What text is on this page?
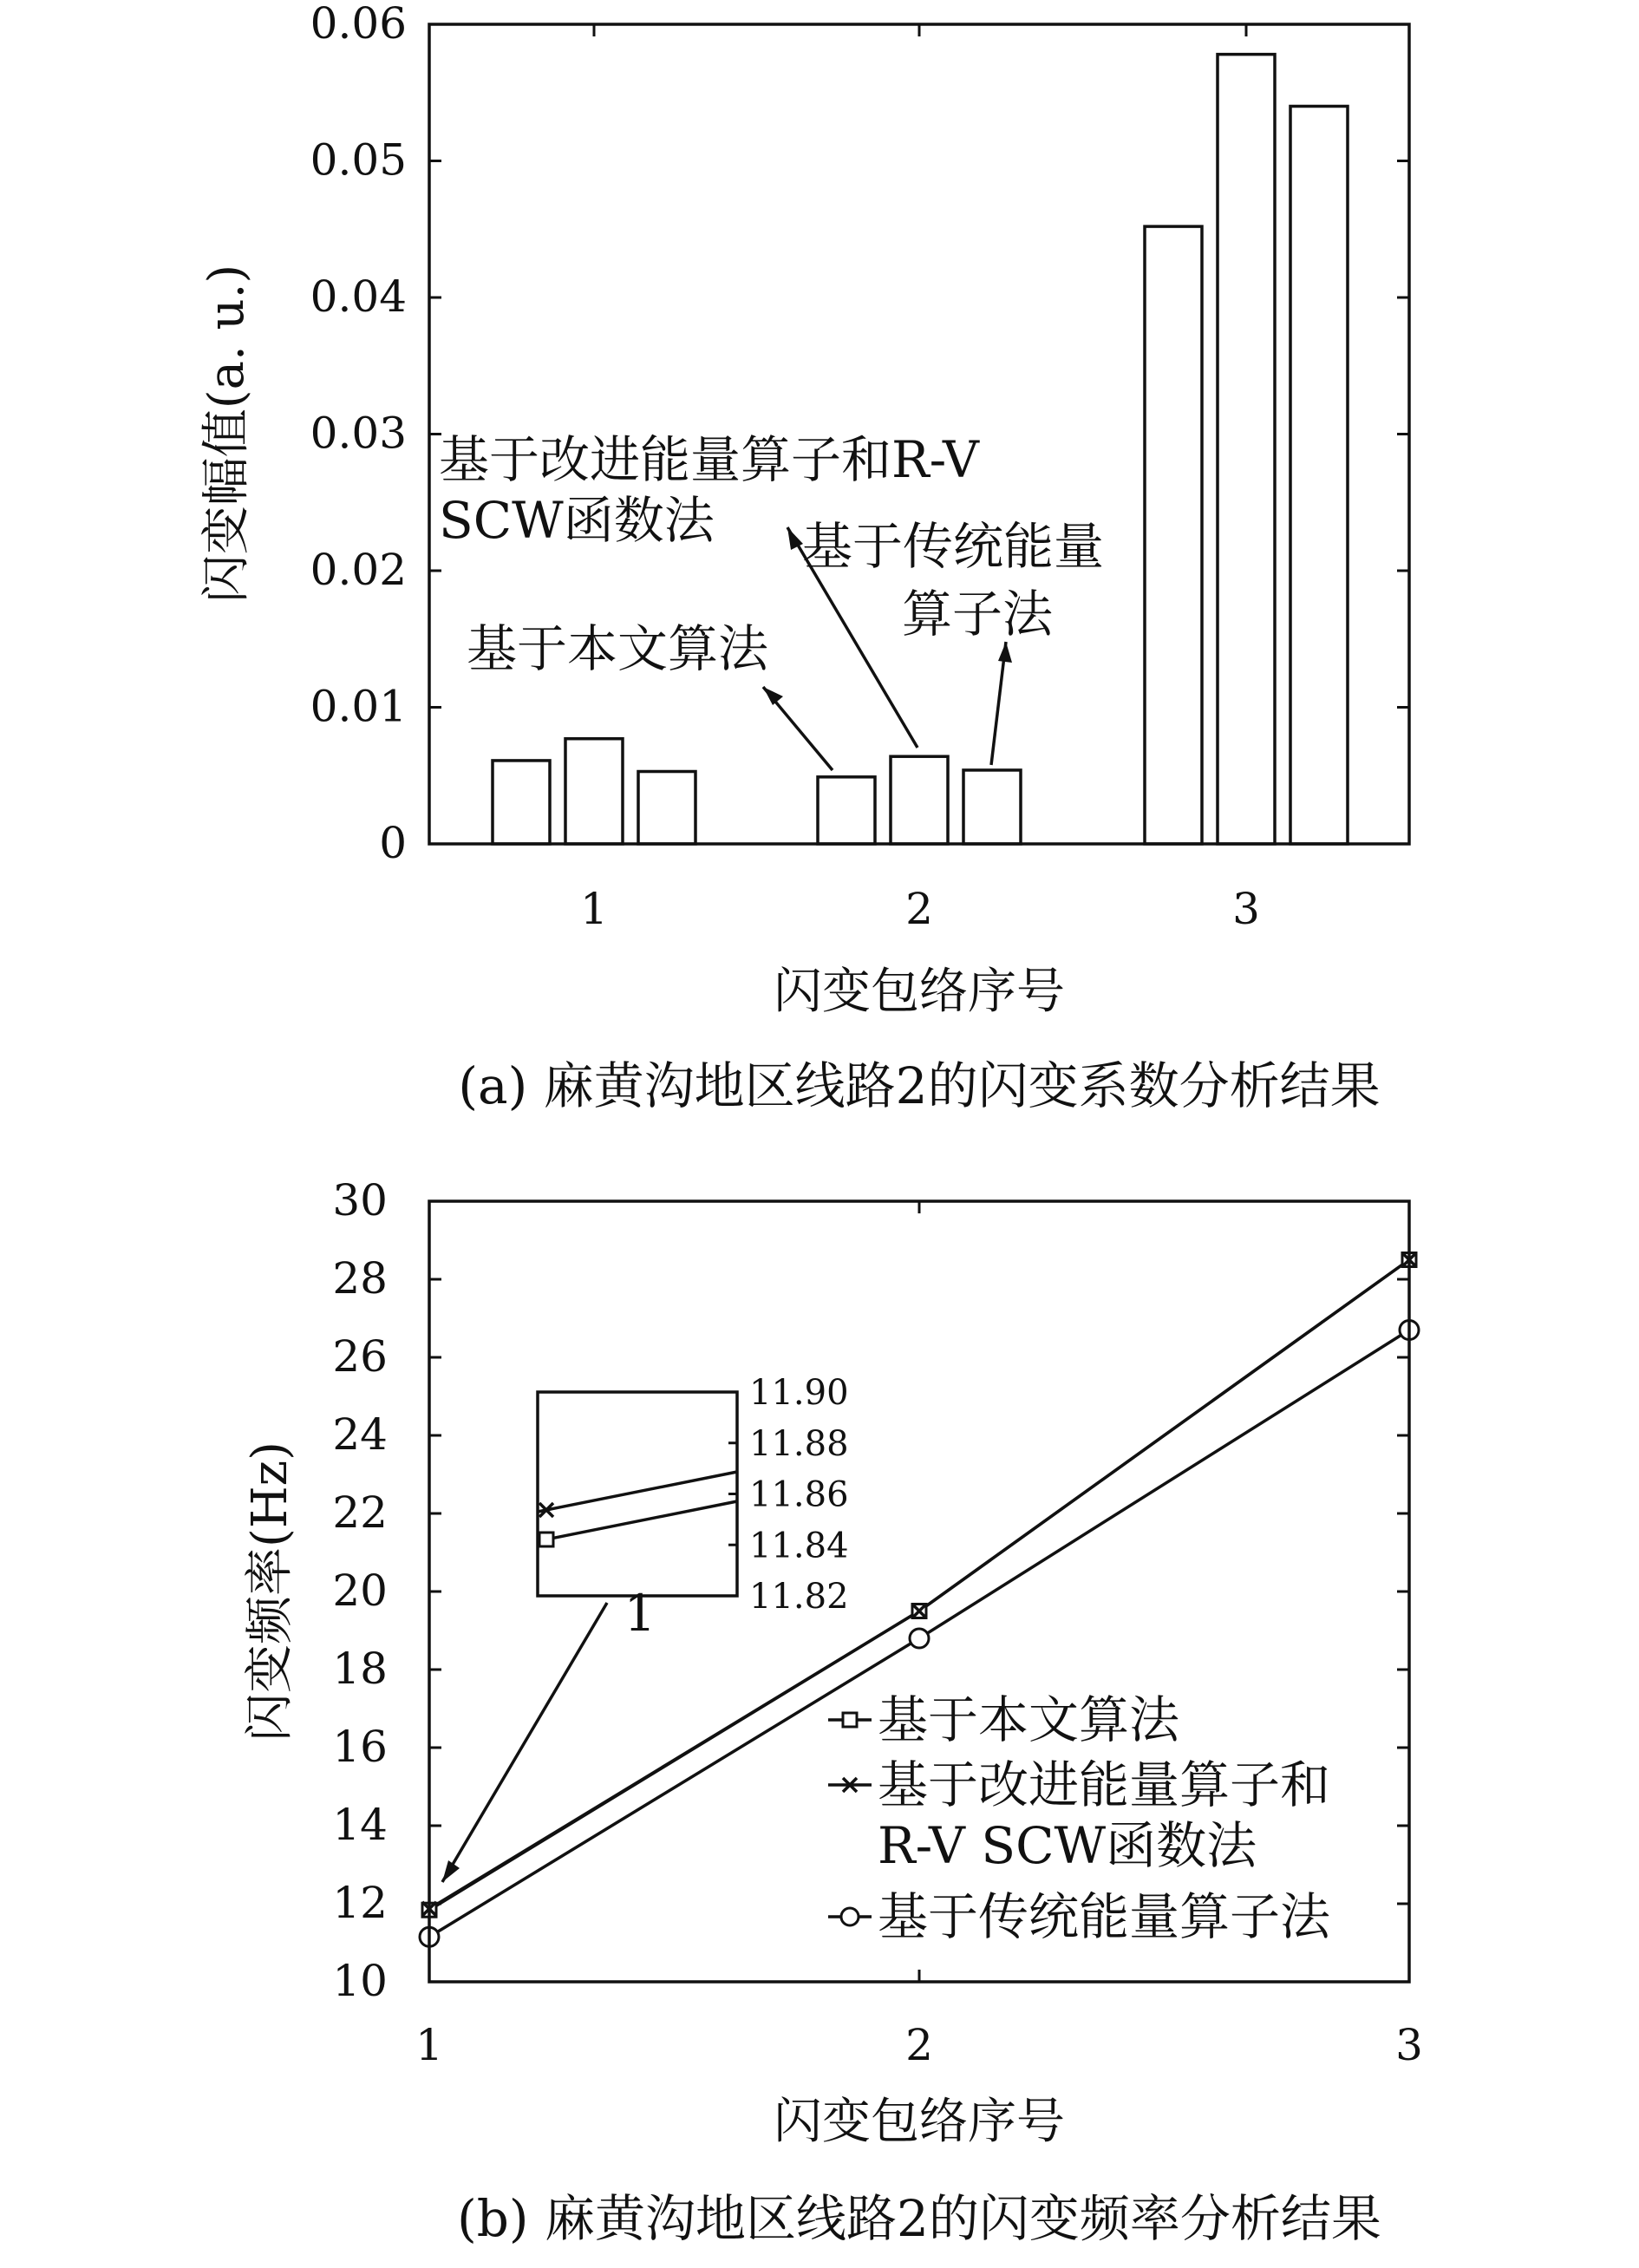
0
0.01
0.02
0.03
0.04
0.05
0.06
1	2	3
闪变幅值(a. u.)
闪变包络序号
(a) 麻黄沟地区线路2的闪变系数分析结果
基于本文算法
基于改进能量算子和R-V
SCW函数法 基于传统能量
算子法
10
12
14
16
18
20
22
24
26
28
30
1	2	3
闪变频率(Hz)
闪变包络序号
(b) 麻黄沟地区线路2的闪变频率分析结果
11.90
11.88
11.86
11.84
11.82
1
基于本文算法
基于改进能量算子和
R-V SCW函数法
基于传统能量算子法
